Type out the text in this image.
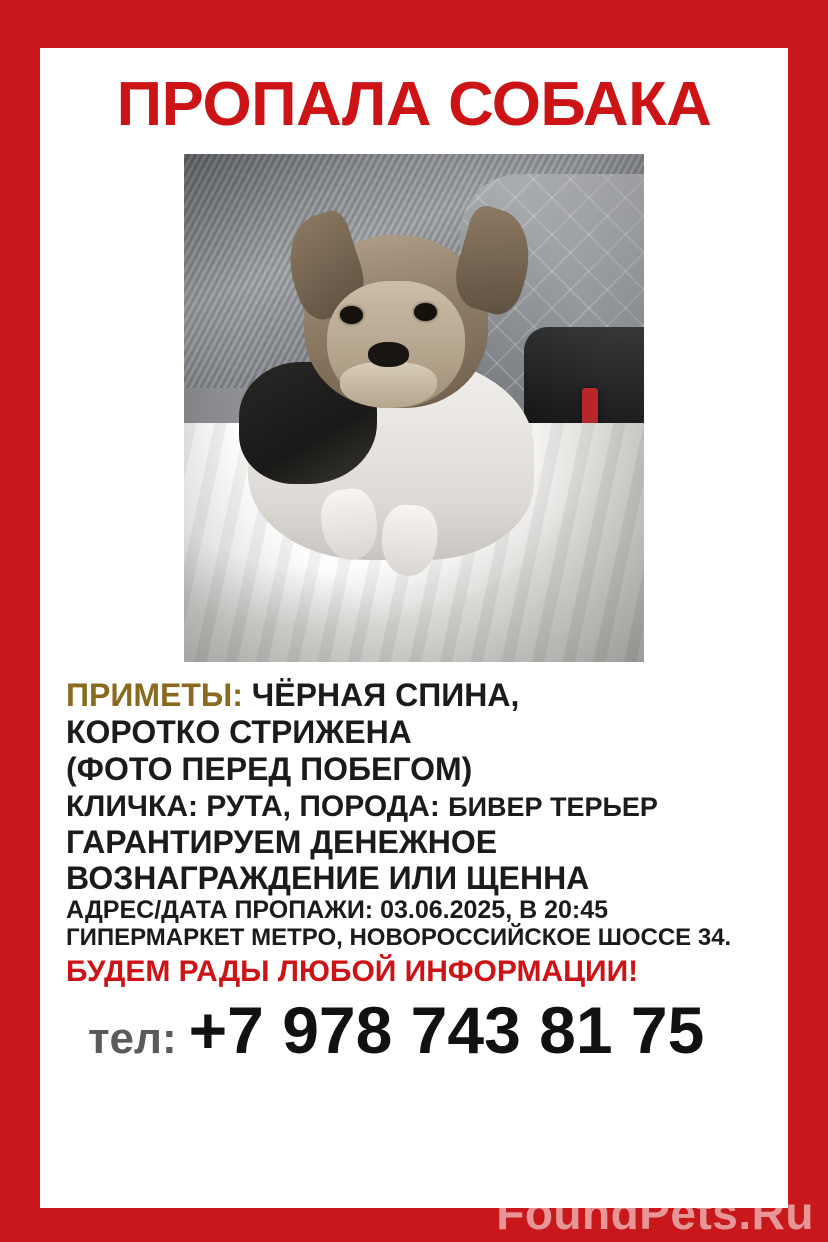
ПРОПАЛА СОБАКА
ПРИМЕТЫ: ЧЁРНАЯ СПИНА,
КОРОТКО СТРИЖЕНА
(ФОТО ПЕРЕД ПОБЕГОМ)
КЛИЧКА: РУТА, ПОРОДА: БИВЕР ТЕРЬЕР
ГАРАНТИРУЕМ ДЕНЕЖНОЕ
ВОЗНАГРАЖДЕНИЕ ИЛИ ЩЕННА
АДРЕС/ДАТА ПРОПАЖИ: 03.06.2025, В 20:45
ГИПЕРМАРКЕТ МЕТРО, НОВОРОССИЙСКОЕ ШОССЕ 34.
БУДЕМ РАДЫ ЛЮБОЙ ИНФОРМАЦИИ!
тел: +7 978 743 81 75
FoundPets.Ru
